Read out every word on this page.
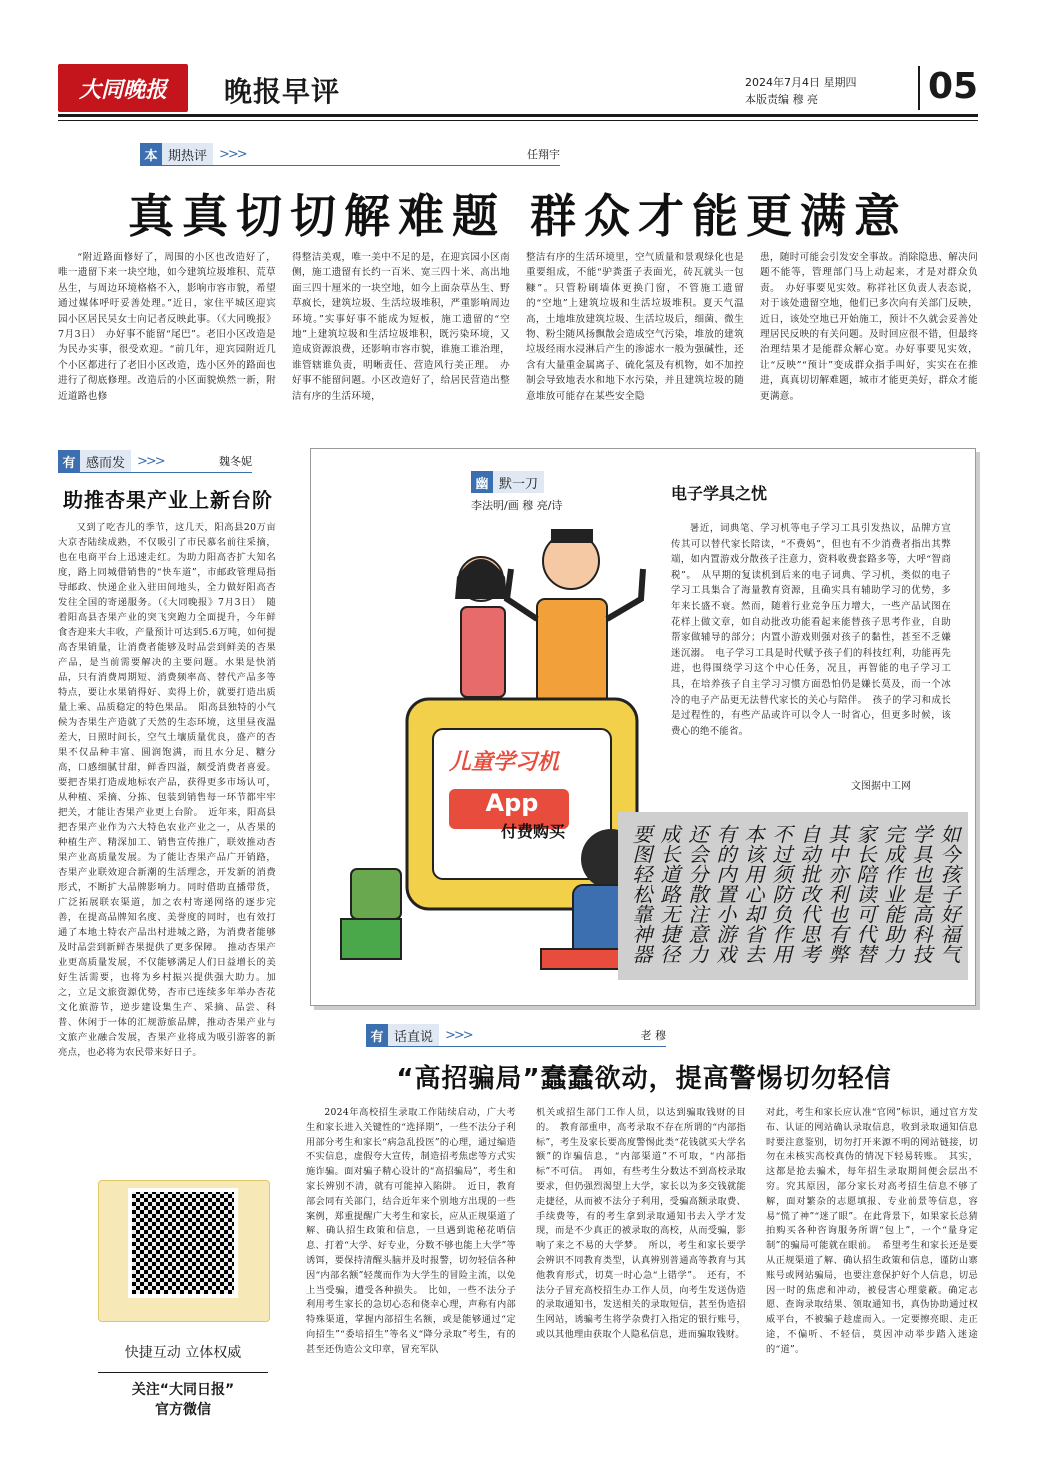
大同晚报	晚报早评	2024年7月4日 星期四
本版责编 穆 亮	05
本 期热评 >>>	任翔宇
真真切切解难题 群众才能更满意
“附近路面修好了，周围的小区也改造好了，唯一遗留下来一块空地，如今建筑垃圾堆积、荒草丛生，与周边环境格格不入，影响市容市貌，希望通过媒体呼吁妥善处理。”近日，家住平城区迎宾园小区居民吴女士向记者反映此事。（《大同晚报》7月3日）　办好事不能留“尾巴”。老旧小区改造是为民办实事，很受欢迎。“前几年，迎宾园附近几个小区都进行了老旧小区改造，选小区外的路面也进行了彻底修理。改造后的小区面貌焕然一新，附近道路也修
得整洁美观，唯一美中不足的是，在迎宾园小区南侧，施工遗留有长约一百米、宽三四十米、高出地面三四十厘米的一块空地，如今上面杂草丛生、野草疯长，建筑垃圾、生活垃圾堆积，严重影响周边环境。”实事好事不能成为短板，施工遗留的“空地”上建筑垃圾和生活垃圾堆积，既污染环境，又造成资源浪费，还影响市容市貌，谁施工谁治理，谁管辖谁负责，明晰责任、营造风行美正理。　办好事不能留问题。小区改造好了，给居民营造出整洁有序的生活环境，
整洁有序的生活环境里，空气质量和景观绿化也是重要组成，不能“驴粪蛋子表面光，砖瓦就头一包糠”。只管粉刷墙体更换门窗，不管施工遗留的“空地”上建筑垃圾和生活垃圾堆积。夏天气温高，土地堆放建筑垃圾、生活垃圾后，细菌、微生物、粉尘随风扬飘散会造成空气污染，堆放的建筑垃圾经雨水浸淋后产生的渗滤水一般为强碱性，还含有大量重金属离子、硫化氢及有机物，如不加控制会导致地表水和地下水污染，并且建筑垃圾的随意堆放可能存在某些安全隐
患，随时可能会引发安全事故。消除隐患、解决问题不能等，管理部门马上动起来，才是对群众负责。　办好事要见实效。称祥社区负责人表态说，对于该处遗留空地，他们已多次向有关部门反映，近日，该处空地已开始施工，预计不久就会妥善处理居民反映的有关问题。及时回应很不错，但最终治理结果才是能群众解心宽。办好事要见实效，让“反映”“预计”变成群众指手叫好，实实在在推进，真真切切解难题，城市才能更美好，群众才能更满意。
有 感而发 >>>	魏冬妮
助推杏果产业上新台阶
又到了吃杏儿的季节，这几天，阳高县20万亩大京杏陆续成熟，不仅吸引了市民慕名前往采摘，也在电商平台上迅速走红。为助力阳高杏扩大知名度，路上同城借销售的“快车道”，市邮政管理局指导邮政、快递企业入驻田间地头，全力做好阳高杏发往全国的寄递服务。（《大同晚报》7月3日）　随着阳高县杏果产业的突飞突跑力全面提升，今年鲜食杏迎来大丰收，产量预计可达到5.6万吨，如何提高杏果销量，让消费者能够及时品尝到鲜美的杏果产品，是当前需要解决的主要问题。水果是快消品，只有消费周期短、消费频率高、替代产品多等特点，要让水果销得好、卖得上价，就要打造出质量上乘、品质稳定的特色果品。　阳高县独特的小气候为杏果生产造就了天然的生态环境，这里昼夜温差大，日照时间长，空气土壤质量优良，盛产的杏果不仅品种丰富、圆润饱满，而且水分足、糖分高，口感细腻甘甜，鲜香四溢，颇受消费者喜爱。要把杏果打造成地标农产品，获得更多市场认可，从种植、采摘、分拣、包装到销售每一环节都牢牢把关，才能让杏果产业更上台阶。　近年来，阳高县把杏果产业作为六大特色农业产业之一，从杏果的种植生产、精深加工、销售宣传推广，联效推动杏果产业高质量发展。为了能让杏果产品广开销路，杏果产业联效迎合新潮的生活理念，开发新的消费形式，不断扩大品牌影响力。同时借助直播带货，广泛拓展联农渠道，加之农村寄递网络的逐步完善，在提高品牌知名度、美誉度的同时，也有效打通了本地土特农产品出村进城之路，为消费者能够及时品尝到新鲜杏果提供了更多保障。　推动杏果产业更高质量发展，不仅能够满足人们日益增长的美好生活需要，也将为乡村振兴提供强大助力。加之，立足文旅资源优势，杏市已连续多年举办杏花文化旅游节，逆步建设集生产、采摘、品尝、科普、休闲于一体的汇规游旅品牌，推动杏果产业与文旅产业融合发展，杏果产业将成为吸引游客的新亮点，也必将为农民带来好日子。
儿童学习机
App
付费购买
幽 默一刀
李法明/画 穆 亮/诗
电子学具之忧
暑近，词典笔、学习机等电子学习工具引发热议，品牌方宣传其可以替代家长陪读，“不费妈”，但也有不少消费者指出其弊端，如内置游戏分散孩子注意力，资料收费套路多等，大呼“智商税”。　从早期的复读机到后来的电子词典、学习机，类似的电子学习工具集合了海量教育资源，且确实具有辅助学习的优势，多年来长盛不衰。然而，随着行业竞争压力增大，一些产品试图在花样上做文章，如自动批改功能看起来能替孩子思考作业，自助帮家做辅导的部分；内置小游戏则强对孩子的黏性，甚至不乏嫌迷沉溺。　电子学习工具是时代赋予孩子们的科技红利，功能再先进，也得围绕学习这个中心任务，况且，再智能的电子学习工具，在培养孩子自主学习习惯方面恐怕仍是嫌长莫及，而一个冰冷的电子产品更无法替代家长的关心与陪伴。　孩子的学习和成长是过程性的，有些产品或许可以令人一时省心，但更多时候，该费心的绝不能省。
文图据中工网
如今孩子好福气
学具也是高科技
完成作业能助力
家长陪读可代替
其中亦利也有弊
自动批改代思考
不过须防负作用
本该用心却省去
有的内置小游戏
还会分散注意力
成长道路无捷径
要图轻松靠神器
有 话直说 >>>	老 穆
“高招骗局”蠢蠢欲动，提高警惕切勿轻信
2024年高校招生录取工作陆续启动，广大考生和家长进入关键性的“选择期”，一些不法分子利用部分考生和家长“病急乱投医”的心理，通过编造不实信息，虚假夸大宣传，制造招考焦虑等方式实施诈骗。面对骗子精心设计的“高招骗局”，考生和家长辨别不清，就有可能掉入陷阱。　近日，教育部会同有关部门，结合近年来个别地方出现的一些案例，郑重提醒广大考生和家长，应从正规渠道了解、确认招生政策和信息，一旦遇到诡秘花哨信息、打着“大学、好专业，分数不够也能上大学”等诱饵，要保持清醒头脑并及时报警，切勿轻信各种因“内部名额”轻蔑而作为大学生的冒险主流，以免上当受骗，遭受各种损失。　比如，一些不法分子利用考生家长的急切心态和侥幸心理，声称有内部特殊渠道，掌握内部招生名额，或是能够通过“定向招生”“委培招生”等名义“降分录取”考生，有的甚至还伪造公文印章，冒充军队
机关或招生部门工作人员，以达到骗取钱财的目的。　教育部重申，高考录取不存在所谓的“内部指标”，考生及家长要高度警惕此类“花钱就买大学名额”的诈骗信息，“内部渠道”不可取，“内部指标”不可信。　再如，有些考生分数达不到高校录取要求，但仍强烈渴望上大学，家长以为多交钱就能走捷径，从而被不法分子利用，受骗高额录取费、手续费等，有的考生拿到录取通知书去入学才发现，而是不少真正的被录取的高校，从而受骗，影响了来之不易的大学梦。　所以，考生和家长要学会辨识不同教育类型，认真辨别普通高等教育与其他教育形式，切莫一时心急“上错学”。　还有，不法分子冒充高校招生办工作人员，向考生发送伪造的录取通知书，发送相关的录取短信，甚至伪造招生网站，诱骗考生将学杂费打入指定的银行账号，或以其他理由获取个人隐私信息，进而骗取钱财。
对此，考生和家长应认准“官网”标识，通过官方发布、认证的网站确认录取信息，收到录取通知信息时要注意鉴别，切勿打开来源不明的网站链接，切勿在未核实高校真伪的情况下轻易转账。　其实，这都是抢去骗术，每年招生录取期间便会层出不穷。究其原因，部分家长对高考招生信息不够了解，面对繁杂的志愿填报、专业前景等信息，容易“慌了神”“迷了眼”。在此背景下，如果家长总猜拍购买各种咨询服务所谓“包上”，一个“量身定制”的骗局可能就在眼前。　希望考生和家长还是要从正规渠道了解、确认招生政策和信息，谨防山寨账号或网站骗局，也要注意保护好个人信息，切忌因一时的焦虑和冲动，被侵害心理蒙蔽。确定志愿、查询录取结果、领取通知书，真伪协助通过权威平台，不被骗子趁虚而入。一定要擦亮眼、走正途，不偏听、不轻信，莫因冲动举步踏入迷途的“道”。
快捷互动 立体权威
关注“大同日报”
官方微信
